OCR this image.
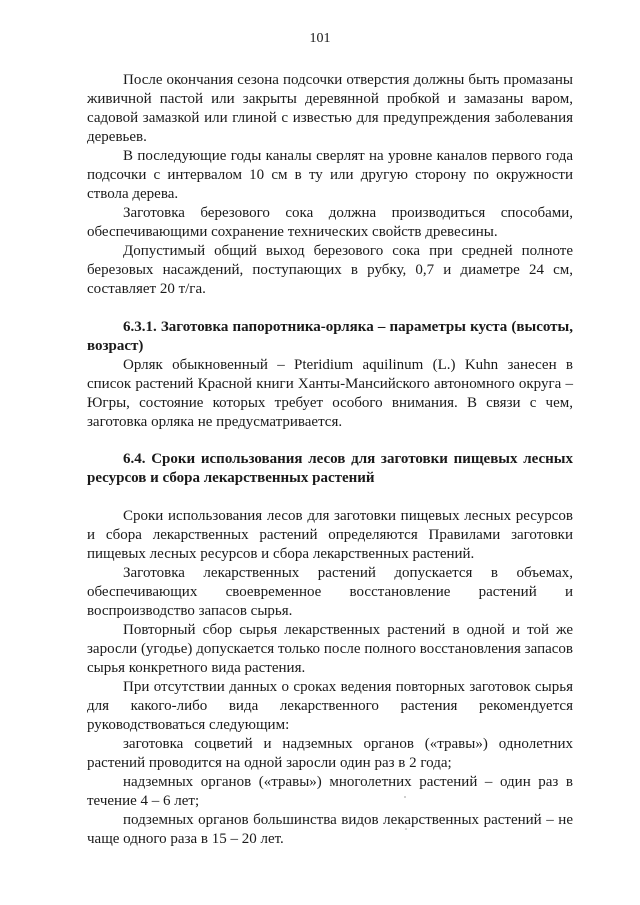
101

После окончания сезона подсочки отверстия должны быть промазаны живичной пастой или закрыты деревянной пробкой и замазаны варом, садовой замазкой или глиной с известью для предупреждения заболевания деревьев.

В последующие годы каналы сверлят на уровне каналов первого года подсочки с интервалом 10 см в ту или другую сторону по окружности ствола дерева.

Заготовка березового сока должна производиться способами, обеспечивающими сохранение технических свойств древесины.

Допустимый общий выход березового сока при средней полноте березовых насаждений, поступающих в рубку, 0,7 и диаметре 24 см, составляет 20 т/га.

6.3.1. Заготовка папоротника-орляка – параметры куста (высоты, возраст)

Орляк обыкновенный – Pteridium aquilinum (L.) Kuhn занесен в список растений Красной книги Ханты-Мансийского автономного округа – Югры, состояние которых требует особого внимания. В связи с чем, заготовка орляка не предусматривается.

6.4. Сроки использования лесов для заготовки пищевых лесных ресурсов и сбора лекарственных растений

Сроки использования лесов для заготовки пищевых лесных ресурсов и сбора лекарственных растений определяются Правилами заготовки пищевых лесных ресурсов и сбора лекарственных растений.

Заготовка лекарственных растений допускается в объемах, обеспечивающих своевременное восстановление растений и воспроизводство запасов сырья.

Повторный сбор сырья лекарственных растений в одной и той же заросли (угодье) допускается только после полного восстановления запасов сырья конкретного вида растения.

При отсутствии данных о сроках ведения повторных заготовок сырья для какого-либо вида лекарственного растения рекомендуется руководствоваться следующим:

заготовка соцветий и надземных органов («травы») однолетних растений проводится на одной заросли один раз в 2 года;

надземных органов («травы») многолетних растений – один раз в течение 4 – 6 лет;

подземных органов большинства видов лекарственных растений – не чаще одного раза в 15 – 20 лет.
